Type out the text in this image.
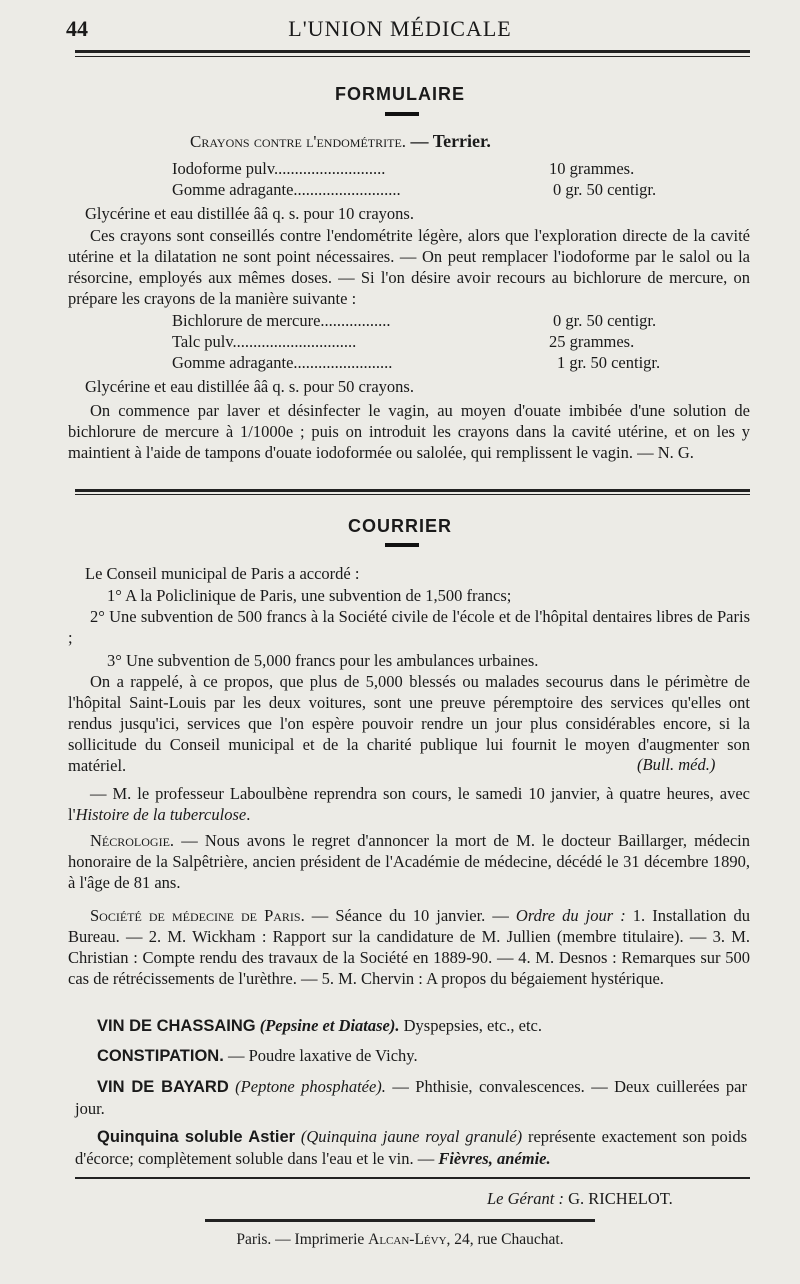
44	L'UNION MÉDICALE
FORMULAIRE
Crayons contre l'endométrite. — Terrier.
Iodoforme pulv...........................	10 grammes.
Gomme adragante..........................	0 gr. 50 centigr.
Glycérine et eau distillée ââ q. s. pour 10 crayons.
Ces crayons sont conseillés contre l'endométrite légère, alors que l'exploration directe de la cavité utérine et la dilatation ne sont point nécessaires. — On peut remplacer l'iodoforme par le salol ou la résorcine, employés aux mêmes doses. — Si l'on désire avoir recours au bichlorure de mercure, on prépare les crayons de la manière suivante :
Bichlorure de mercure.................	0 gr. 50 centigr.
Talc pulv..............................	25 grammes.
Gomme adragante........................	1 gr. 50 centigr.
Glycérine et eau distillée ââ q. s. pour 50 crayons.
On commence par laver et désinfecter le vagin, au moyen d'ouate imbibée d'une solution de bichlorure de mercure à 1/1000e ; puis on introduit les crayons dans la cavité utérine, et on les y maintient à l'aide de tampons d'ouate iodoformée ou salolée, qui remplissent le vagin. — N. G.
COURRIER
Le Conseil municipal de Paris a accordé :
1° A la Policlinique de Paris, une subvention de 1,500 francs;
2° Une subvention de 500 francs à la Société civile de l'école et de l'hôpital dentaires libres de Paris ;
3° Une subvention de 5,000 francs pour les ambulances urbaines.
On a rappelé, à ce propos, que plus de 5,000 blessés ou malades secourus dans le périmètre de l'hôpital Saint-Louis par les deux voitures, sont une preuve péremptoire des services qu'elles ont rendus jusqu'ici, services que l'on espère pouvoir rendre un jour plus considérables encore, si la sollicitude du Conseil municipal et de la charité publique lui fournit le moyen d'augmenter son matériel.	(Bull. méd.)
— M. le professeur Laboulbène reprendra son cours, le samedi 10 janvier, à quatre heures, avec l'Histoire de la tuberculose.
Nécrologie. — Nous avons le regret d'annoncer la mort de M. le docteur Baillarger, médecin honoraire de la Salpêtrière, ancien président de l'Académie de médecine, décédé le 31 décembre 1890, à l'âge de 81 ans.
Société de médecine de Paris. — Séance du 10 janvier. — Ordre du jour : 1. Installation du Bureau. — 2. M. Wickham : Rapport sur la candidature de M. Jullien (membre titulaire). — 3. M. Christian : Compte rendu des travaux de la Société en 1889-90. — 4. M. Desnos : Remarques sur 500 cas de rétrécissements de l'urèthre. — 5. M. Chervin : A propos du bégaiement hystérique.
VIN DE CHASSAING (Pepsine et Diatase). Dyspepsies, etc., etc.
CONSTIPATION. — Poudre laxative de Vichy.
VIN DE BAYARD (Peptone phosphatée). — Phthisie, convalescences. — Deux cuillerées par jour.
Quinquina soluble Astier (Quinquina jaune royal granulé) représente exactement son poids d'écorce; complètement soluble dans l'eau et le vin. — Fièvres, anémie.
Le Gérant : G. RICHELOT.
Paris. — Imprimerie Alcan-Lévy, 24, rue Chauchat.
